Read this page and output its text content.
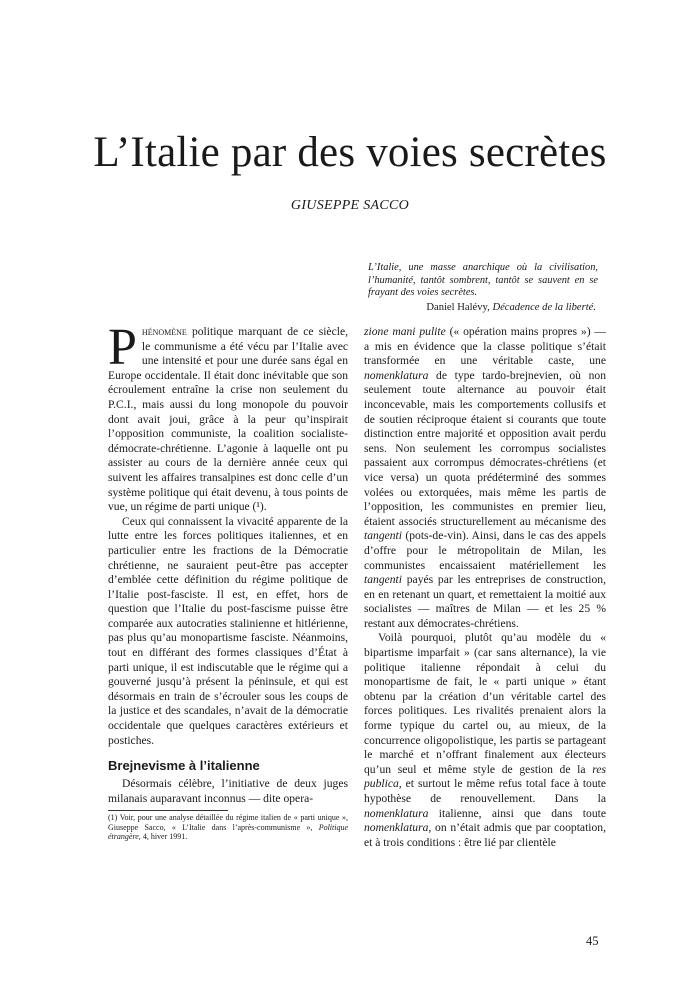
L’Italie par des voies secrètes
GIUSEPPE SACCO
L’Italie, une masse anarchique où la civilisation, l’humanité, tantôt sombrent, tantôt se sauvent en se frayant des voies secrètes.
Daniel Halévy, Décadence de la liberté.

Phénomène politique marquant de ce siècle, le communisme a été vécu par l’Italie avec une intensité et pour une durée sans égal en Europe occidentale. Il était donc inévitable que son écroulement entraîne la crise non seulement du P.C.I., mais aussi du long monopole du pouvoir dont avait joui, grâce à la peur qu’inspirait l’opposition communiste, la coalition socialiste-démocrate-chrétienne. L’agonie à laquelle ont pu assister au cours de la dernière année ceux qui suivent les affaires transalpines est donc celle d’un système politique qui était devenu, à tous points de vue, un régime de parti unique (¹).

Ceux qui connaissent la vivacité apparente de la lutte entre les forces politiques italiennes, et en particulier entre les fractions de la Démocratie chrétienne, ne sauraient peut-être pas accepter d’emblée cette définition du régime politique de l’Italie post-fasciste. Il est, en effet, hors de question que l’Italie du post-fascisme puisse être comparée aux autocraties stalinienne et hitlérienne, pas plus qu’au monopartisme fasciste. Néanmoins, tout en différant des formes classiques d’État à parti unique, il est indiscutable que le régime qui a gouverné jusqu’à présent la péninsule, et qui est désormais en train de s’écrouler sous les coups de la justice et des scandales, n’avait de la démocratie occidentale que quelques caractères extérieurs et postiches.

Brejnevisme à l’italienne

Désormais célèbre, l’initiative de deux juges milanais auparavant inconnus — dite opera-

(1) Voir, pour une analyse détaillée du régime italien de « parti unique », Giuseppe Sacco, « L’Italie dans l’après-communisme », Politique étrangère, 4, hiver 1991.

zione mani pulite (« opération mains propres ») — a mis en évidence que la classe politique s’était transformée en une véritable caste, une nomenklatura de type tardo-brejnevien, où non seulement toute alternance au pouvoir était inconcevable, mais les comportements collusifs et de soutien réciproque étaient si courants que toute distinction entre majorité et opposition avait perdu sens. Non seulement les corrompus socialistes passaient aux corrompus démocrates-chrétiens (et vice versa) un quota prédéterminé des sommes volées ou extorquées, mais même les partis de l’opposition, les communistes en premier lieu, étaient associés structurellement au mécanisme des tangenti (pots-de-vin). Ainsi, dans le cas des appels d’offre pour le métropolitain de Milan, les communistes encaissaient matériellement les tangenti payés par les entreprises de construction, en en retenant un quart, et remettaient la moitié aux socialistes — maîtres de Milan — et les 25 % restant aux démocrates-chrétiens.

Voilà pourquoi, plutôt qu’au modèle du « bipartisme imparfait » (car sans alternance), la vie politique italienne répondait à celui du monopartisme de fait, le « parti unique » étant obtenu par la création d’un véritable cartel des forces politiques. Les rivalités prenaient alors la forme typique du cartel ou, au mieux, de la concurrence oligopolistique, les partis se partageant le marché et n’offrant finalement aux électeurs qu’un seul et même style de gestion de la res publica, et surtout le même refus total face à toute hypothèse de renouvellement. Dans la nomenklatura italienne, ainsi que dans toute nomenklatura, on n’était admis que par cooptation, et à trois conditions : être lié par clientèle

45
